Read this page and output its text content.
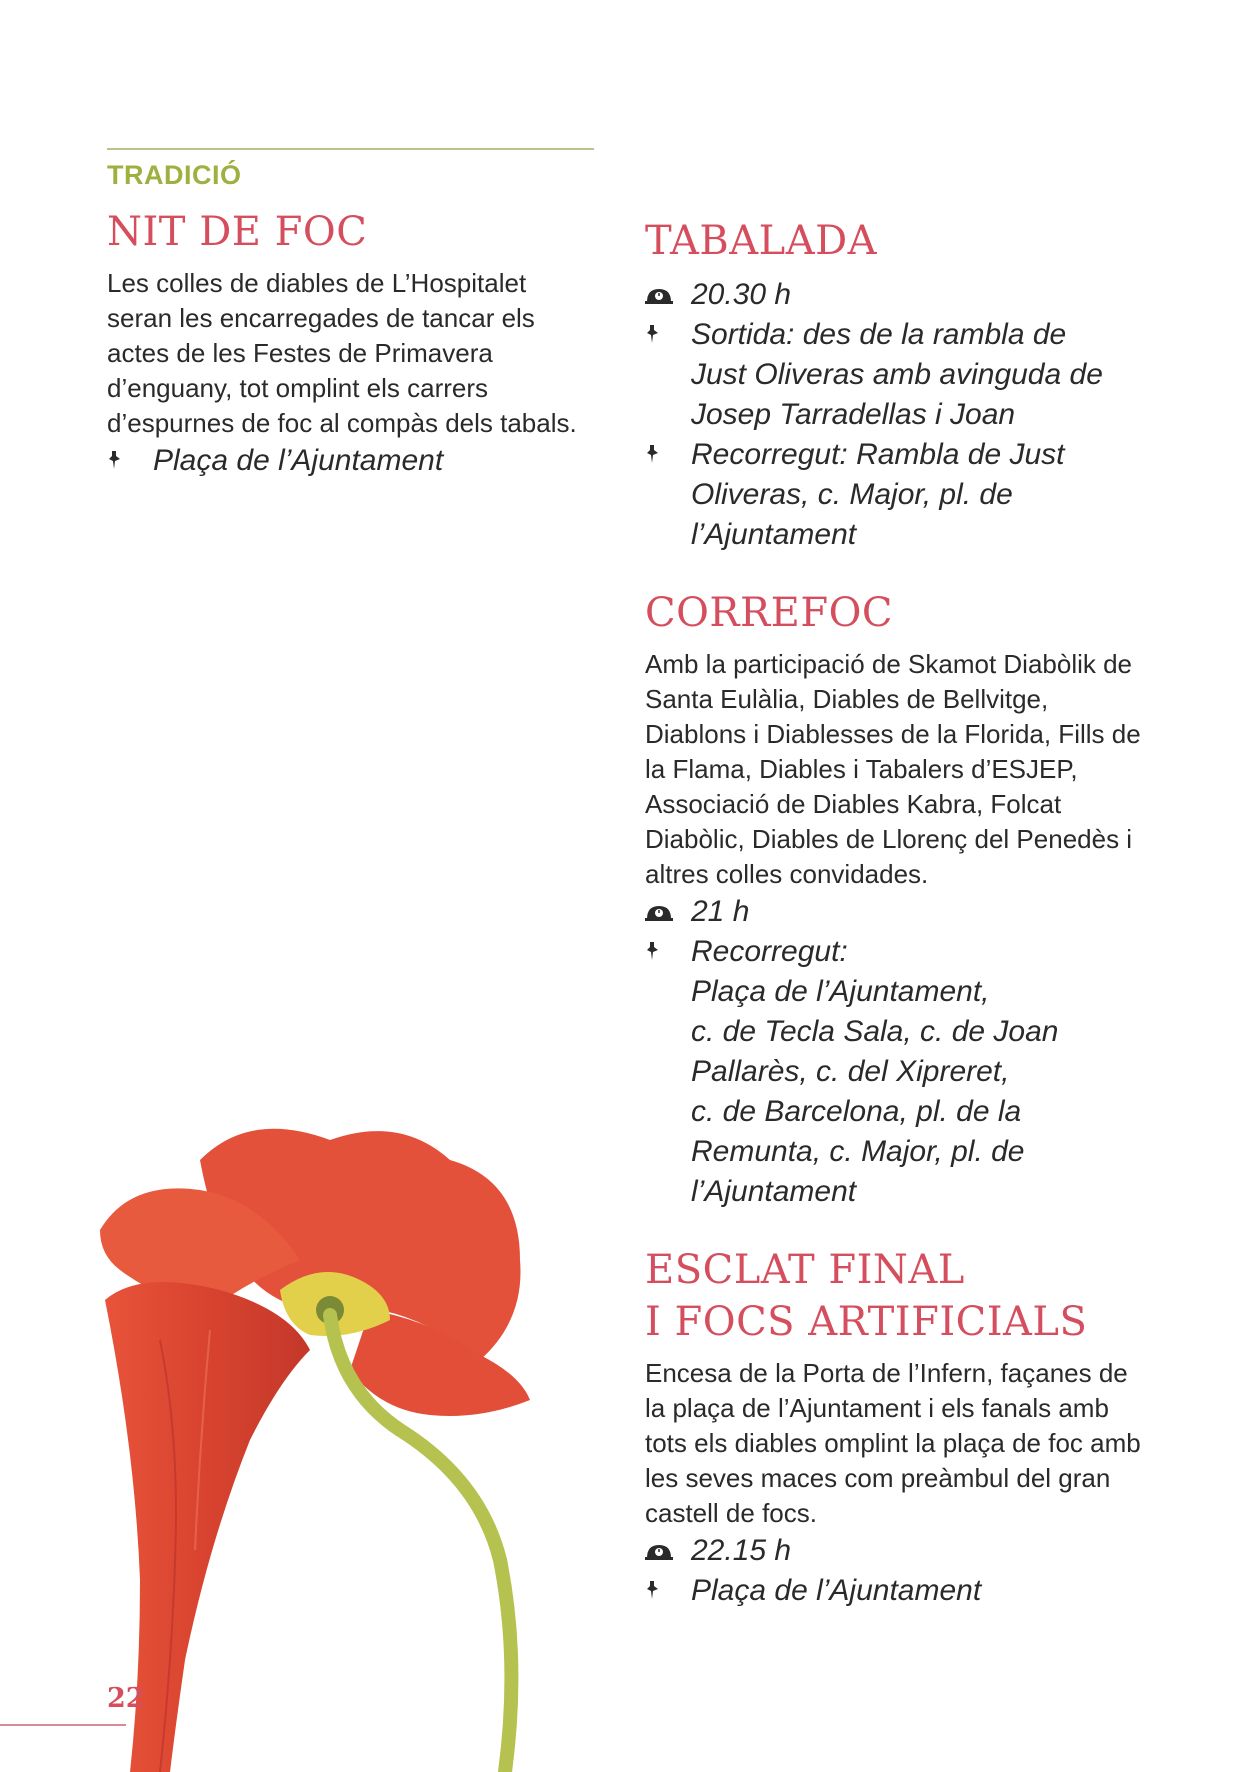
TRADICIÓ
NIT DE FOC

Les colles de diables de L’Hospitalet seran les encarregades de tancar els actes de les Festes de Primavera d’enguany, tot omplint els carrers d’espurnes de foc al compàs dels tabals.

Plaça de l’Ajuntament
TABALADA
20.30 h
Sortida: des de la rambla de
Just Oliveras amb avinguda de
Josep Tarradellas i Joan
Recorregut: Rambla de Just
Oliveras, c. Major, pl. de
l’Ajuntament
CORREFOC

Amb la participació de Skamot Diabòlik de Santa Eulàlia, Diables de Bellvitge, Diablons i Diablesses de la Florida, Fills de la Flama, Diables i Tabalers d’ESJEP, Associació de Diables Kabra, Folcat Diabòlic, Diables de Llorenç del Penedès i altres colles convidades.

21 h
Recorregut:
Plaça de l’Ajuntament,
c. de Tecla Sala, c. de Joan
Pallarès, c. del Xipreret,
c. de Barcelona, pl. de la
Remunta, c. Major, pl. de
l’Ajuntament
ESCLAT FINAL
I FOCS ARTIFICIALS

Encesa de la Porta de l’Infern, façanes de la plaça de l’Ajuntament i els fanals amb tots els diables omplint la plaça de foc amb les seves maces com preàmbul del gran castell de focs.

22.15 h
Plaça de l’Ajuntament
22
